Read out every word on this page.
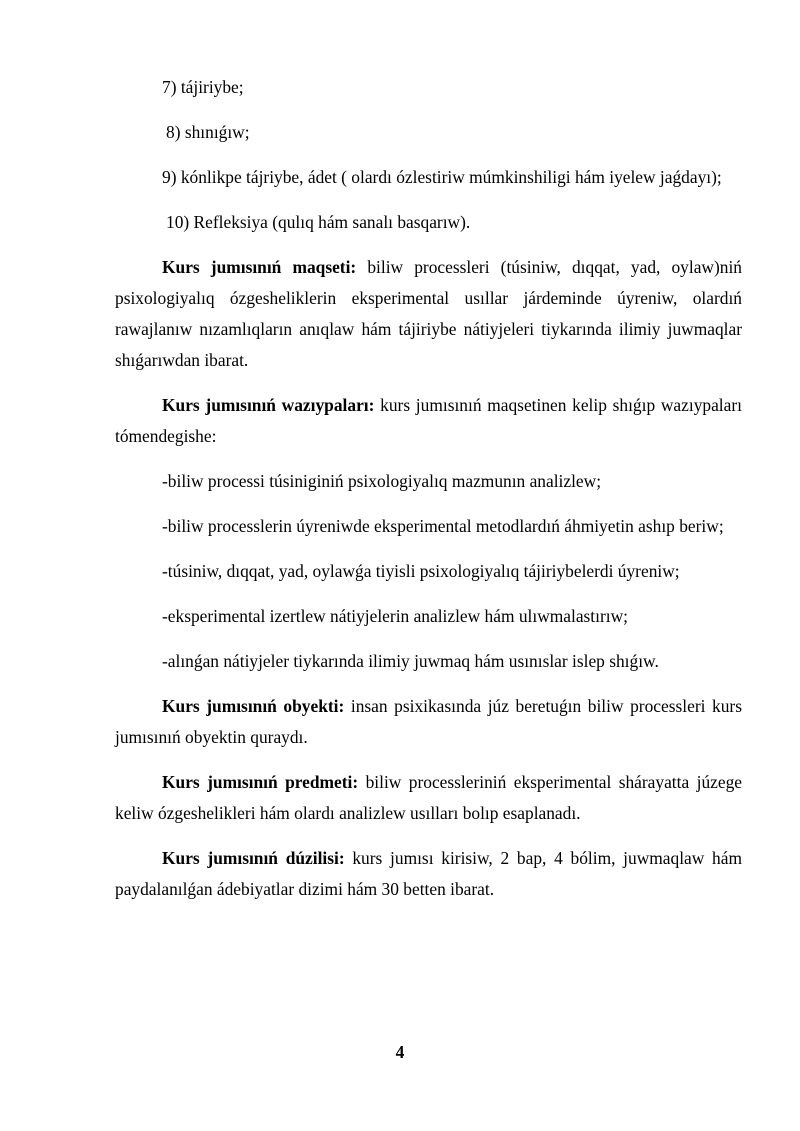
7) tájiriybe;

8) shınıǵıw;

9) kónlikpe tájriybe, ádet ( olardı ózlestiriw múmkinshiligi hám iyelew jaǵdayı);

10) Refleksiya (qulıq hám sanalı basqarıw).

Kurs jumısınıń maqseti: biliw processleri (túsiniw, dıqqat, yad, oylaw)niń psixologiyalıq ózgesheliklerin eksperimental usıllar járdeminde úyreniw, olardıń rawajlanıw nızamlıqların anıqlaw hám tájiriybe nátiyjeleri tiykarında ilimiy juwmaqlar shıǵarıwdan ibarat.

Kurs jumısınıń wazıypaları: kurs jumısınıń maqsetinen kelip shıǵıp wazıypaları tómendegishe:

-biliw processi túsiniginiń psixologiyalıq mazmunın analizlew;

-biliw processlerin úyreniwde eksperimental metodlardıń áhmiyetin ashıp beriw;

-túsiniw, dıqqat, yad, oylawǵa tiyisli psixologiyalıq tájiriybelerdi úyreniw;

-eksperimental izertlew nátiyjelerin analizlew hám ulıwmalastırıw;

-alınǵan nátiyjeler tiykarında ilimiy juwmaq hám usınıslar islep shıǵıw.

Kurs jumısınıń obyekti: insan psixikasında júz beretuǵın biliw processleri kurs jumısınıń obyektin quraydı.

Kurs jumısınıń predmeti: biliw processleriniń eksperimental shárayatta júzege keliw ózgeshelikleri hám olardı analizlew usılları bolıp esaplanadı.

Kurs jumısınıń dúzilisi: kurs jumısı kirisiw, 2 bap, 4 bólim, juwmaqlaw hám paydalanılǵan ádebiyatlar dizimi hám 30 betten ibarat.

4
